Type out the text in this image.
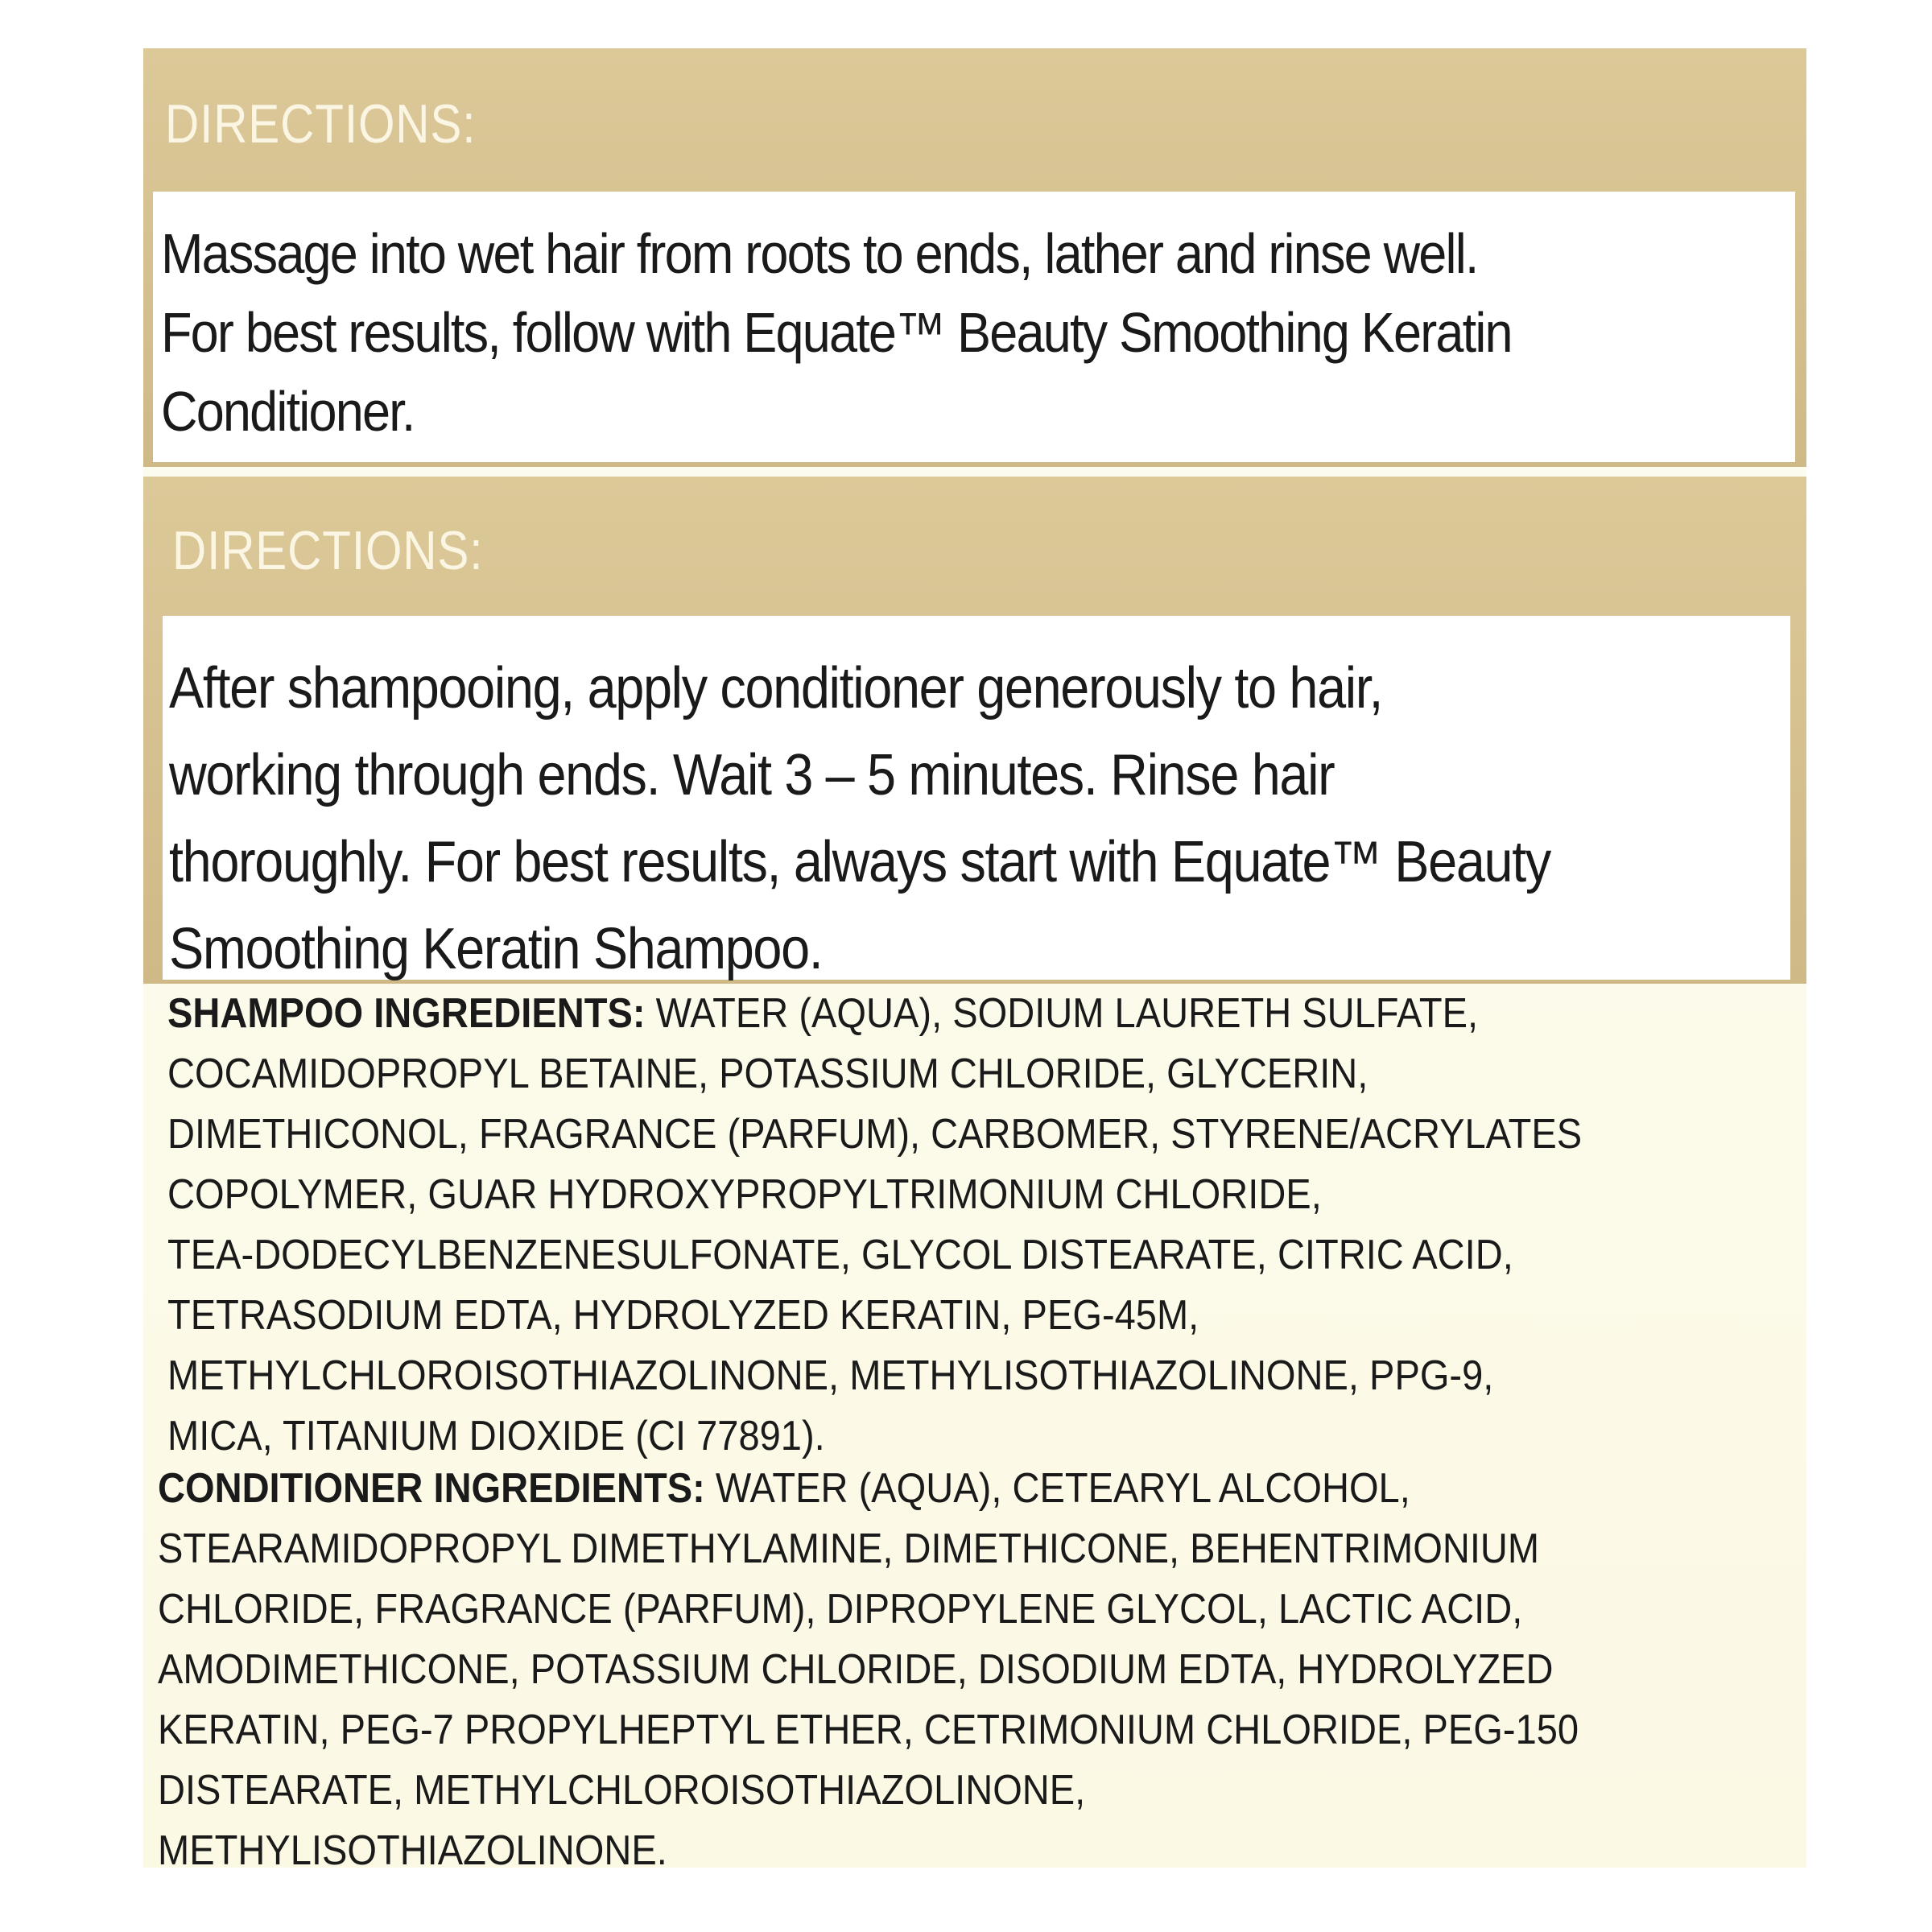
DIRECTIONS:
Massage into wet hair from roots to ends, lather and rinse well.
For best results, follow with Equate™ Beauty Smoothing Keratin
Conditioner.
DIRECTIONS:
After shampooing, apply conditioner generously to hair,
working through ends. Wait 3 – 5 minutes. Rinse hair
thoroughly. For best results, always start with Equate™ Beauty
Smoothing Keratin Shampoo.
SHAMPOO INGREDIENTS: WATER (AQUA), SODIUM LAURETH SULFATE,
COCAMIDOPROPYL BETAINE, POTASSIUM CHLORIDE, GLYCERIN,
DIMETHICONOL, FRAGRANCE (PARFUM), CARBOMER, STYRENE/ACRYLATES
COPOLYMER, GUAR HYDROXYPROPYLTRIMONIUM CHLORIDE,
TEA-DODECYLBENZENESULFONATE, GLYCOL DISTEARATE, CITRIC ACID,
TETRASODIUM EDTA, HYDROLYZED KERATIN, PEG-45M,
METHYLCHLOROISOTHIAZOLINONE, METHYLISOTHIAZOLINONE, PPG-9,
MICA, TITANIUM DIOXIDE (CI 77891).
CONDITIONER INGREDIENTS: WATER (AQUA), CETEARYL ALCOHOL,
STEARAMIDOPROPYL DIMETHYLAMINE, DIMETHICONE, BEHENTRIMONIUM
CHLORIDE, FRAGRANCE (PARFUM), DIPROPYLENE GLYCOL, LACTIC ACID,
AMODIMETHICONE, POTASSIUM CHLORIDE, DISODIUM EDTA, HYDROLYZED
KERATIN, PEG-7 PROPYLHEPTYL ETHER, CETRIMONIUM CHLORIDE, PEG-150
DISTEARATE, METHYLCHLOROISOTHIAZOLINONE,
METHYLISOTHIAZOLINONE.
